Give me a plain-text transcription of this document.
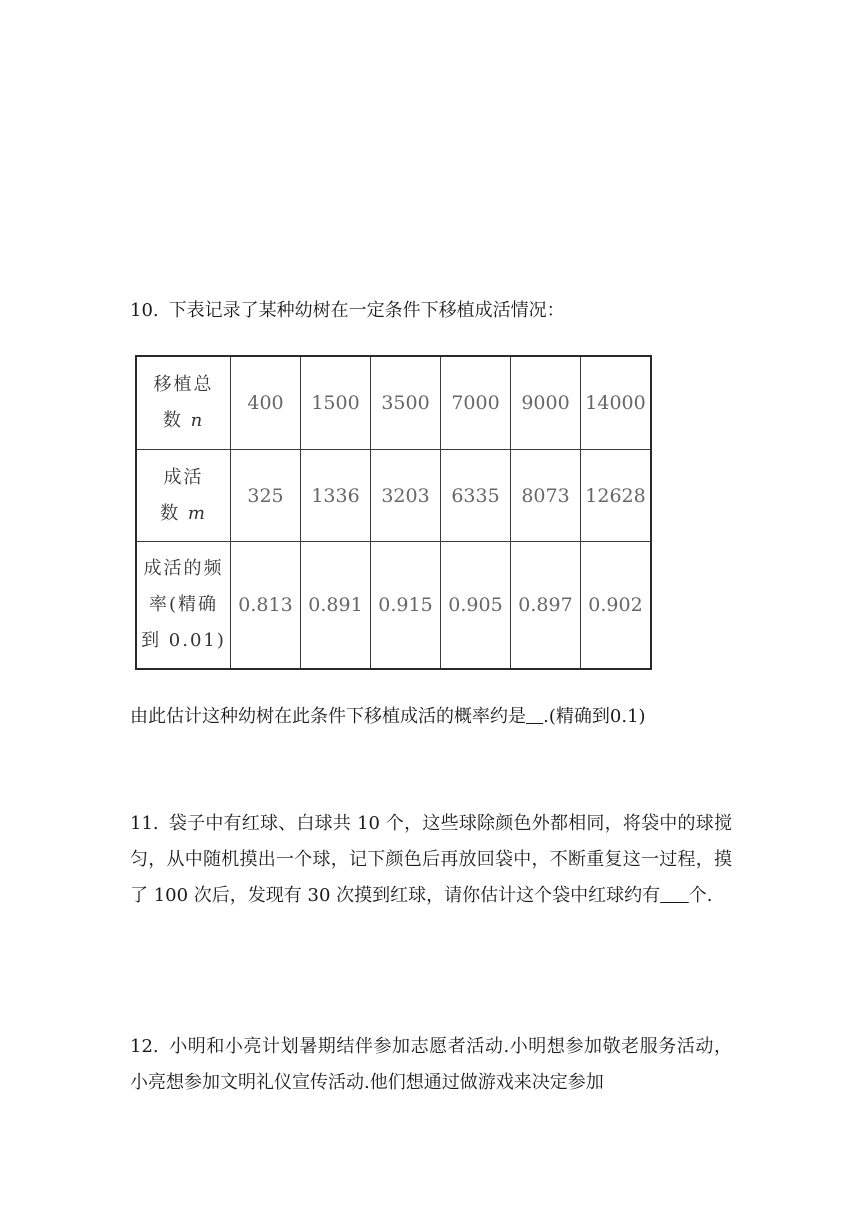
10. 下表记录了某种幼树在一定条件下移植成活情况：

移植总
数 n	400	1500	3500	7000	9000	14000

成活
数 m	325	1336	3203	6335	8073	12628

成活的频
率(精确
到 0.01)	0.813	0.891	0.915	0.905	0.897	0.902

由此估计这种幼树在此条件下移植成活的概率约是 .(精确到0.1)

11. 袋子中有红球、白球共 10 个，这些球除颜色外都相同，将袋中的球搅匀，从中随机摸出一个球，记下颜色后再放回袋中，不断重复这一过程，摸了 100 次后，发现有 30 次摸到红球，请你估计这个袋中红球约有 个.

12. 小明和小亮计划暑期结伴参加志愿者活动.小明想参加敬老服务活动，小亮想参加文明礼仪宣传活动.他们想通过做游戏来决定参加
